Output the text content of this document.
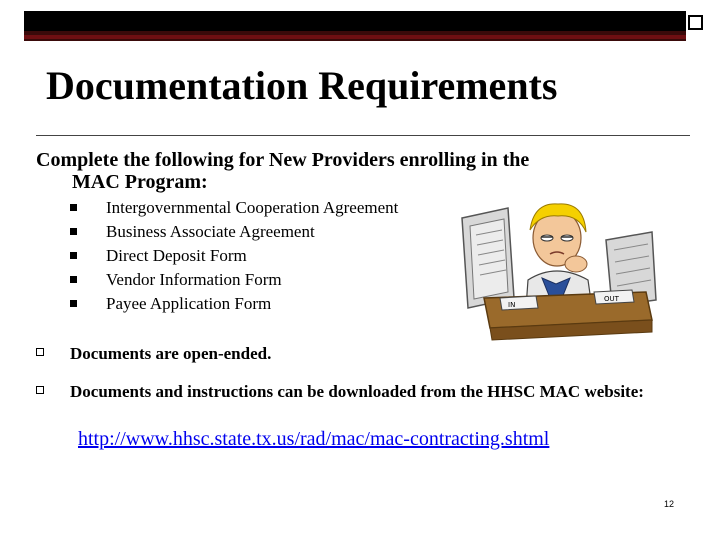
Documentation Requirements
Complete the following for New Providers enrolling in the
MAC Program:
Intergovernmental Cooperation Agreement
Business Associate Agreement
Direct Deposit Form
Vendor Information Form
Payee Application Form	IN
OUT
Documents are open-ended.
Documents and instructions can be downloaded from the HHSC MAC website:
http://www.hhsc.state.tx.us/rad/mac/mac-contracting.shtml
12
